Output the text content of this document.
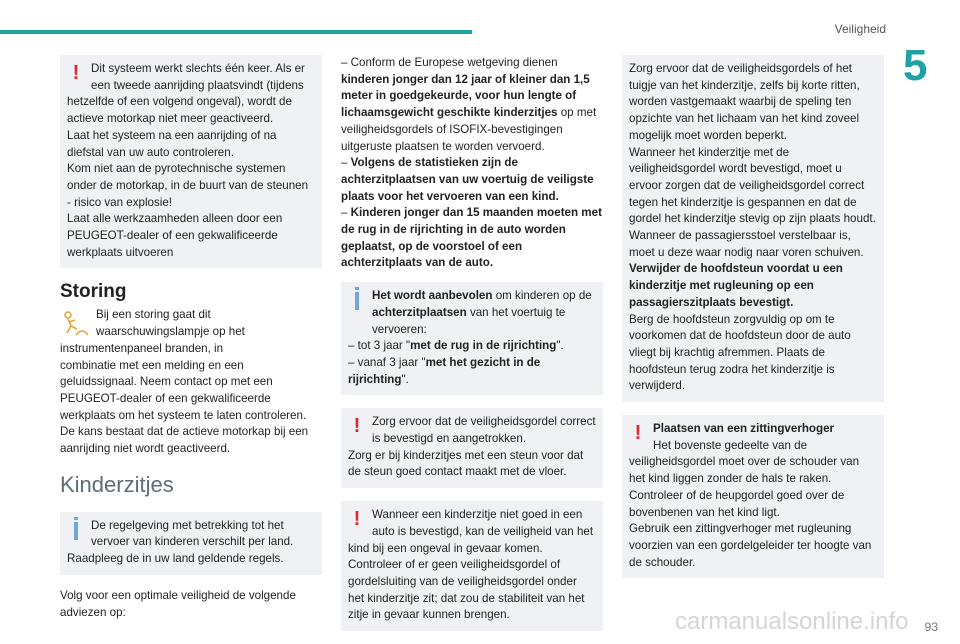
Veiligheid
5
!	Dit systeem werkt slechts één keer. Als er een tweede aanrijding plaatsvindt (tijdens

hetzelfde of een volgend ongeval), wordt de actieve motorkap niet meer geactiveerd.

Laat het systeem na een aanrijding of na diefstal van uw auto controleren.

Kom niet aan de pyrotechnische systemen onder de motorkap, in de buurt van de steunen - risico van explosie!

Laat alle werkzaamheden alleen door een PEUGEOT-dealer of een gekwalificeerde werkplaats uitvoeren

Storing

Bij een storing gaat dit waarschuwingslampje op het instrumentenpaneel branden, in

combinatie met een melding en een geluidssignaal. Neem contact op met een PEUGEOT-dealer of een gekwalificeerde werkplaats om het systeem te laten controleren.

De kans bestaat dat de actieve motorkap bij een aanrijding niet wordt geactiveerd.

Kinderzitjes

De regelgeving met betrekking tot het vervoer van kinderen verschilt per land.

Raadpleeg de in uw land geldende regels.

Volg voor een optimale veiligheid de volgende adviezen op:

– Conform de Europese wetgeving dienen kinderen jonger dan 12 jaar of kleiner dan 1,5 meter in goedgekeurde, voor hun lengte of lichaamsgewicht geschikte kinderzitjes op met veiligheidsgordels of ISOFIX-bevestigingen uitgeruste plaatsen te worden vervoerd.

– Volgens de statistieken zijn de achterzitplaatsen van uw voertuig de veiligste plaats voor het vervoeren van een kind.

– Kinderen jonger dan 15 maanden moeten met de rug in de rijrichting in de auto worden geplaatst, op de voorstoel of een achterzitplaats van de auto.

Het wordt aanbevolen om kinderen op de achterzitplaatsen van het voertuig te vervoeren:

– tot 3 jaar "met de rug in de rijrichting".

– vanaf 3 jaar "met het gezicht in de rijrichting".

!	Zorg ervoor dat de veiligheidsgordel correct is bevestigd en aangetrokken.

Zorg er bij kinderzitjes met een steun voor dat de steun goed contact maakt met de vloer.

!	Wanneer een kinderzitje niet goed in een auto is bevestigd, kan de veiligheid van het

kind bij een ongeval in gevaar komen.

Controleer of er geen veiligheidsgordel of gordelsluiting van de veiligheidsgordel onder het kinderzitje zit; dat zou de stabiliteit van het zitje in gevaar kunnen brengen.

Zorg ervoor dat de veiligheidsgordels of het tuigje van het kinderzitje, zelfs bij korte ritten, worden vastgemaakt waarbij de speling ten opzichte van het lichaam van het kind zoveel mogelijk moet worden beperkt.

Wanneer het kinderzitje met de veiligheidsgordel wordt bevestigd, moet u ervoor zorgen dat de veiligheidsgordel correct tegen het kinderzitje is gespannen en dat de gordel het kinderzitje stevig op zijn plaats houdt. Wanneer de passagiersstoel verstelbaar is, moet u deze waar nodig naar voren schuiven.

Verwijder de hoofdsteun voordat u een kinderzitje met rugleuning op een passagierszitplaats bevestigt.

Berg de hoofdsteun zorgvuldig op om te voorkomen dat de hoofdsteun door de auto vliegt bij krachtig afremmen. Plaats de hoofdsteun terug zodra het kinderzitje is verwijderd.

!	Plaatsen van een zittingverhoger

Het bovenste gedeelte van de

veiligheidsgordel moet over de schouder van het kind liggen zonder de hals te raken.

Controleer of de heupgordel goed over de bovenbenen van het kind ligt.

Gebruik een zittingverhoger met rugleuning voorzien van een gordelgeleider ter hoogte van de schouder.

carmanualsonline.info 93
